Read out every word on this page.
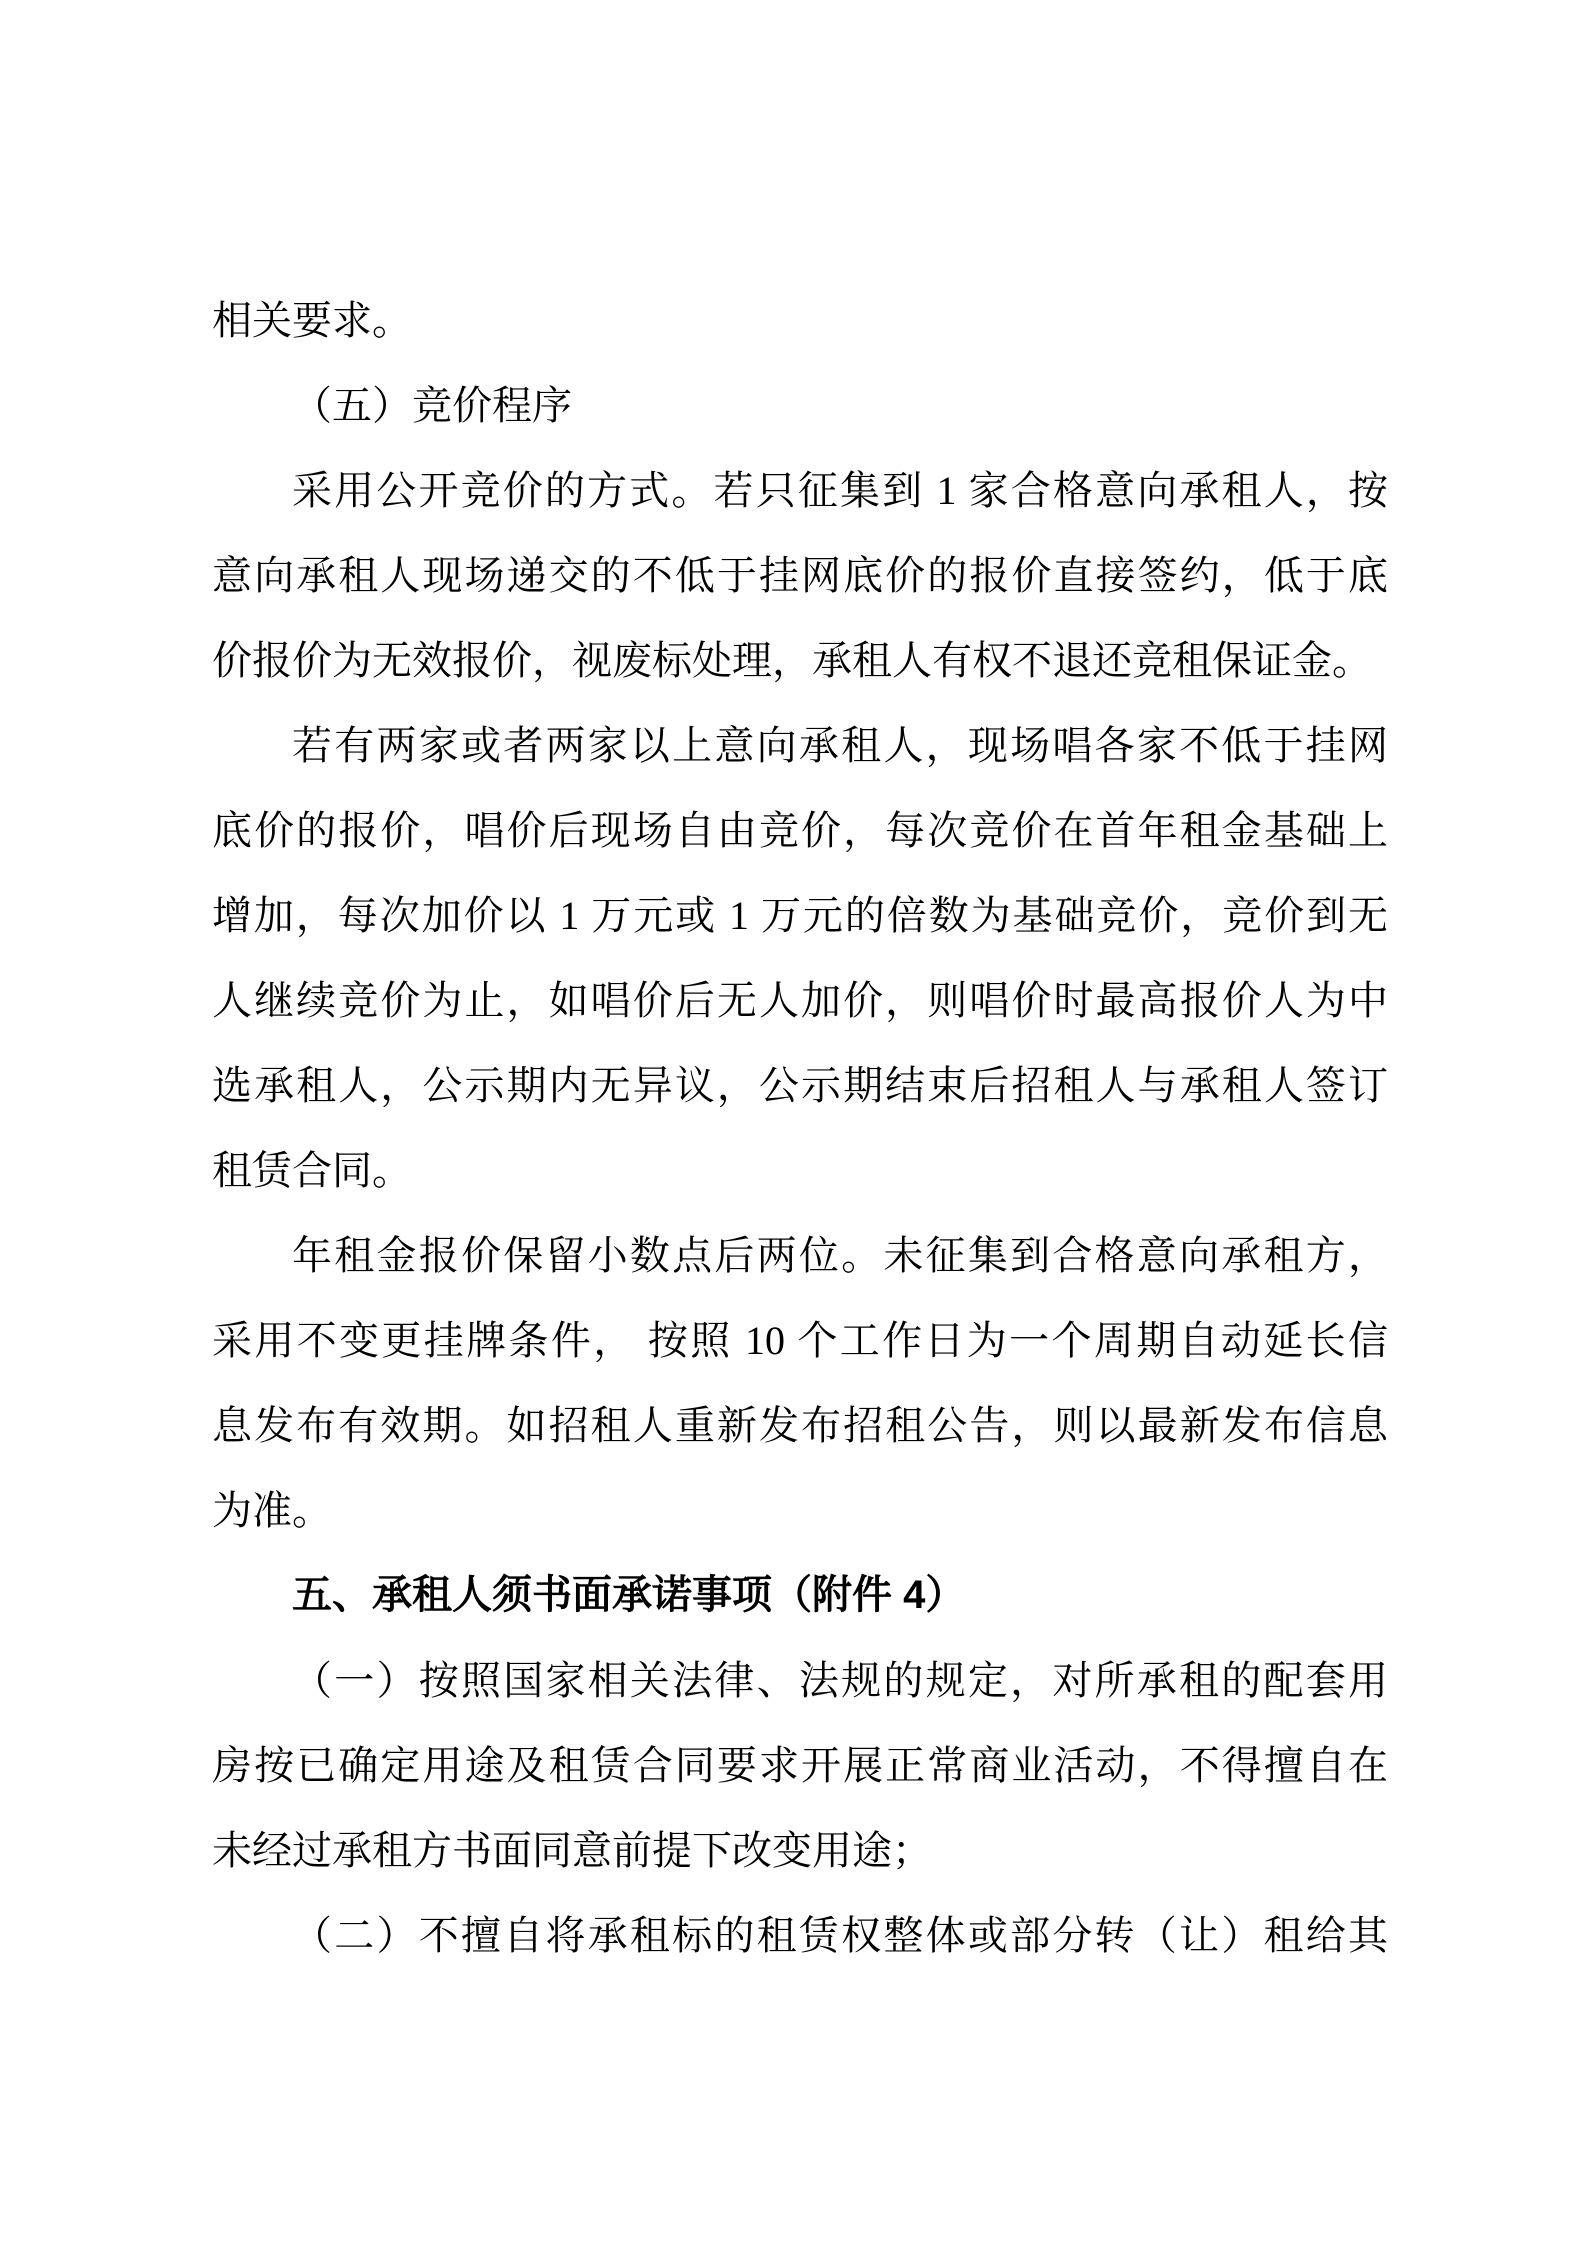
相关要求。
（五）竞价程序
采用公开竞价的方式。若只征集到 1 家合格意向承租人，按
意向承租人现场递交的不低于挂网底价的报价直接签约，低于底
价报价为无效报价，视废标处理，承租人有权不退还竞租保证金。
若有两家或者两家以上意向承租人，现场唱各家不低于挂网
底价的报价，唱价后现场自由竞价，每次竞价在首年租金基础上
增加，每次加价以 1 万元或 1 万元的倍数为基础竞价，竞价到无
人继续竞价为止，如唱价后无人加价，则唱价时最高报价人为中
选承租人，公示期内无异议，公示期结束后招租人与承租人签订
租赁合同。
年租金报价保留小数点后两位。未征集到合格意向承租方，
采用不变更挂牌条件， 按照 10 个工作日为一个周期自动延长信
息发布有效期。如招租人重新发布招租公告，则以最新发布信息
为准。
五、承租人须书面承诺事项（附件 4）
（一）按照国家相关法律、法规的规定，对所承租的配套用
房按已确定用途及租赁合同要求开展正常商业活动，不得擅自在
未经过承租方书面同意前提下改变用途；
（二）不擅自将承租标的租赁权整体或部分转（让）租给其
